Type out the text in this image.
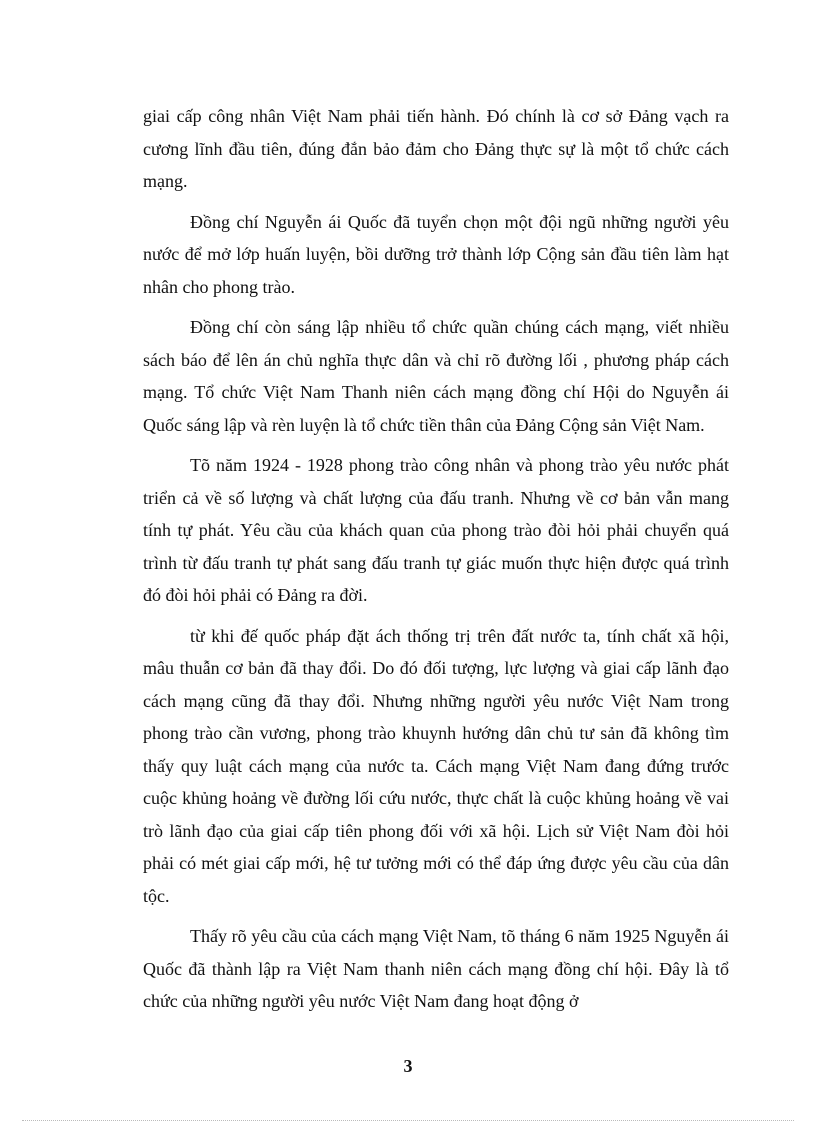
giai cấp công nhân Việt Nam phải tiến hành. Đó chính là cơ sở Đảng vạch ra cương lĩnh đầu tiên, đúng đắn bảo đảm cho Đảng thực sự là một tổ chức cách mạng.

Đồng chí Nguyễn ái Quốc đã tuyển chọn một đội ngũ những người yêu nước để mở lớp huấn luyện, bồi dưỡng trở thành lớp Cộng sản đầu tiên làm hạt nhân cho phong trào.

Đồng chí còn sáng lập nhiều tổ chức quần chúng cách mạng, viết nhiều sách báo để lên án chủ nghĩa thực dân và chỉ rõ đường lối , phương pháp cách mạng. Tổ chức Việt Nam Thanh niên cách mạng đồng chí Hội do Nguyễn ái Quốc sáng lập và rèn luyện là tổ chức tiền thân của Đảng Cộng sản Việt Nam.

Tõ năm 1924 - 1928 phong trào công nhân và phong trào yêu nước phát triển cả về số lượng và chất lượng của đấu tranh. Nhưng về cơ bản vẫn mang tính tự phát. Yêu cầu của khách quan của phong trào đòi hỏi phải chuyển quá trình từ đấu tranh tự phát sang đấu tranh tự giác muốn thực hiện được quá trình đó đòi hỏi phải có Đảng ra đời.

từ khi đế quốc pháp đặt ách thống trị trên đất nước ta, tính chất xã hội, mâu thuẫn cơ bản đã thay đổi. Do đó đối tượng, lực lượng và giai cấp lãnh đạo cách mạng cũng đã thay đổi. Nhưng những người yêu nước Việt Nam trong phong trào cần vương, phong trào khuynh hướng dân chủ tư sản đã không tìm thấy quy luật cách mạng của nước ta. Cách mạng Việt Nam đang đứng trước cuộc khủng hoảng về đường lối cứu nước, thực chất là cuộc khủng hoảng về vai trò lãnh đạo của giai cấp tiên phong đối với xã hội. Lịch sử Việt Nam đòi hỏi phải có mét giai cấp mới, hệ tư tưởng mới có thể đáp ứng được yêu cầu của dân tộc.

Thấy rõ yêu cầu của cách mạng Việt Nam, tõ tháng 6 năm 1925 Nguyễn ái Quốc đã thành lập ra Việt Nam thanh niên cách mạng đồng chí hội. Đây là tổ chức của những người yêu nước Việt Nam đang hoạt động ở

3
